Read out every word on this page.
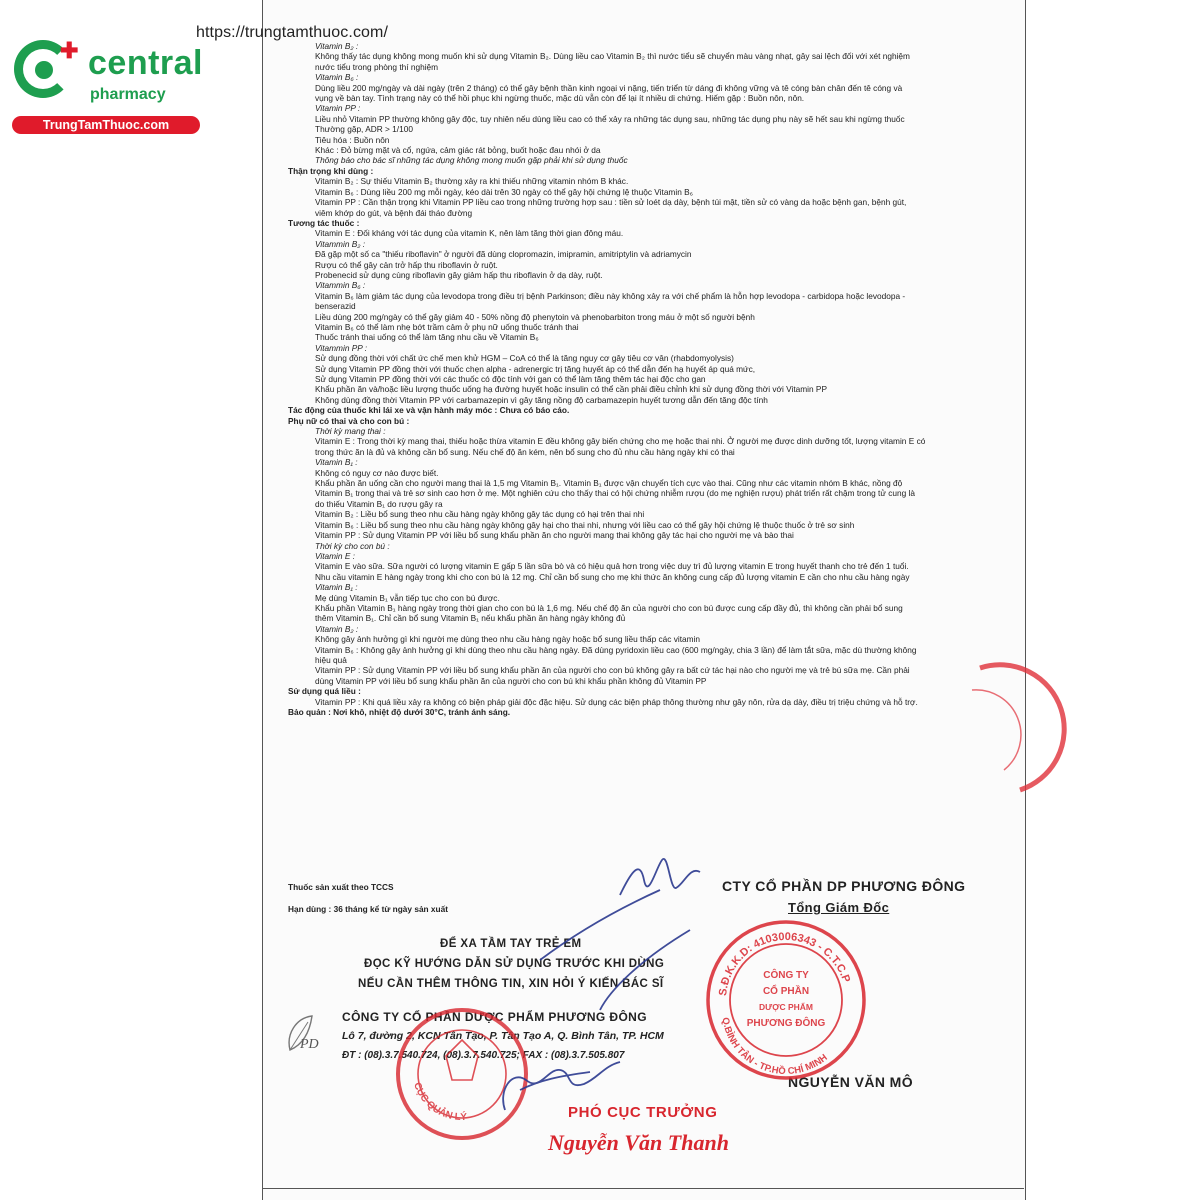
https://trungtamthuoc.com/
✚ central
pharmacy
TrungTamThuoc.com

Vitamin B₂ :

Không thấy tác dụng không mong muốn khi sử dụng Vitamin B₂. Dùng liều cao Vitamin B₂ thì nước tiểu sẽ chuyển màu vàng nhạt, gây sai lệch đối với xét nghiệm

nước tiểu trong phòng thí nghiệm

Vitamin B₆ :

Dùng liều 200 mg/ngày và dài ngày (trên 2 tháng) có thể gây bệnh thần kinh ngoại vi nặng, tiến triển từ dáng đi không vững và tê cóng bàn chân đến tê cóng và

vụng về bàn tay. Tình trạng này có thể hồi phục khi ngừng thuốc, mặc dù vẫn còn để lại ít nhiều di chứng. Hiếm gặp : Buồn nôn, nôn.

Vitamin PP :

Liều nhỏ Vitamin PP thường không gây độc, tuy nhiên nếu dùng liều cao có thể xảy ra những tác dụng sau, những tác dụng phụ này sẽ hết sau khi ngừng thuốc

Thường gặp, ADR > 1/100

Tiêu hóa : Buồn nôn

Khác : Đỏ bừng mặt và cổ, ngứa, cảm giác rát bỏng, buốt hoặc đau nhói ở da

Thông báo cho bác sĩ những tác dụng không mong muốn gặp phải khi sử dụng thuốc

Thận trọng khi dùng :

Vitamin B₂ : Sự thiếu Vitamin B₂ thường xảy ra khi thiếu những vitamin nhóm B khác.

Vitamin B₆ : Dùng liều 200 mg mỗi ngày, kéo dài trên 30 ngày có thể gây hội chứng lệ thuộc Vitamin B₆

Vitamin PP : Cần thận trọng khi Vitamin PP liều cao trong những trường hợp sau : tiền sử loét dạ dày, bệnh túi mật, tiền sử có vàng da hoặc bệnh gan, bệnh gút,

viêm khớp do gút, và bệnh đái tháo đường

Tương tác thuốc :

Vitamin E : Đối kháng với tác dụng của vitamin K, nên làm tăng thời gian đông máu.

Vitammin B₂ :

Đã gặp một số ca "thiếu riboflavin" ở người đã dùng clopromazin, imipramin, amitriptylin và adriamycin

Rượu có thể gây cản trở hấp thu riboflavin ở ruột.

Probenecid sử dụng cùng riboflavin gây giảm hấp thu riboflavin ở dạ dày, ruột.

Vitammin B₆ :

Vitamin B₆ làm giảm tác dụng của levodopa trong điều trị bệnh Parkinson; điều này không xảy ra với chế phẩm là hỗn hợp levodopa - carbidopa hoặc levodopa -

benserazid

Liều dùng 200 mg/ngày có thể gây giảm 40 - 50% nồng độ phenytoin và phenobarbiton trong máu ở một số người bệnh

Vitamin B₆ có thể làm nhẹ bớt trầm cảm ở phụ nữ uống thuốc tránh thai

Thuốc tránh thai uống có thể làm tăng nhu cầu về Vitamin B₆

Vitammin PP :

Sử dụng đồng thời với chất ức chế men khử HGM – CoA có thể là tăng nguy cơ gây tiêu cơ vân (rhabdomyolysis)

Sử dụng Vitamin PP đồng thời với thuốc chẹn alpha - adrenergic trị tăng huyết áp có thể dẫn đến hạ huyết áp quá mức,

Sử dụng Vitamin PP đồng thời với các thuốc có độc tính với gan có thể làm tăng thêm tác hại độc cho gan

Khẩu phần ăn và/hoặc liều lượng thuốc uống hạ đường huyết hoặc insulin có thể cần phải điều chỉnh khi sử dụng đồng thời với Vitamin PP

Không dùng đồng thời Vitamin PP với carbamazepin vì gây tăng nồng độ carbamazepin huyết tương dẫn đến tăng độc tính

Tác động của thuốc khi lái xe và vận hành máy móc : Chưa có báo cáo.

Phụ nữ có thai và cho con bú :

Thời kỳ mang thai :

Vitamin E : Trong thời kỳ mang thai, thiếu hoặc thừa vitamin E đều không gây biến chứng cho mẹ hoặc thai nhi. Ở người mẹ được dinh dưỡng tốt, lượng vitamin E có

trong thức ăn là đủ và không cần bổ sung. Nếu chế độ ăn kém, nên bổ sung cho đủ nhu cầu hàng ngày khi có thai

Vitamin B₁ :

Không có nguy cơ nào được biết.

Khẩu phần ăn uống cần cho người mang thai là 1,5 mg Vitamin B₁. Vitamin B₁ được vận chuyển tích cực vào thai. Cũng như các vitamin nhóm B khác, nồng độ

Vitamin B₁ trong thai và trẻ sơ sinh cao hơn ở mẹ. Một nghiên cứu cho thấy thai có hội chứng nhiễm rượu (do mẹ nghiện rượu) phát triển rất chậm trong tử cung là

do thiếu Vitamin B₁ do rượu gây ra

Vitamin B₂ : Liều bổ sung theo nhu cầu hàng ngày không gây tác dụng có hại trên thai nhi

Vitamin B₆ : Liều bổ sung theo nhu cầu hàng ngày không gây hại cho thai nhi, nhưng với liều cao có thể gây hội chứng lệ thuộc thuốc ở trẻ sơ sinh

Vitamin PP : Sử dụng Vitamin PP với liều bổ sung khẩu phần ăn cho người mang thai không gây tác hại cho người mẹ và bào thai

Thời kỳ cho con bú :

Vitamin E :

Vitamin E vào sữa. Sữa người có lượng vitamin E gấp 5 lần sữa bò và có hiệu quả hơn trong việc duy trì đủ lượng vitamin E trong huyết thanh cho trẻ đến 1 tuổi.

Nhu cầu vitamin E hàng ngày trong khi cho con bú là 12 mg. Chỉ cần bổ sung cho mẹ khi thức ăn không cung cấp đủ lượng vitamin E cần cho nhu cầu hàng ngày

Vitamin B₁ :

Mẹ dùng Vitamin B₁ vẫn tiếp tục cho con bú được.

Khẩu phần Vitamin B₁ hàng ngày trong thời gian cho con bú là 1,6 mg. Nếu chế độ ăn của người cho con bú được cung cấp đầy đủ, thì không cần phải bổ sung

thêm Vitamin B₁. Chỉ cần bổ sung Vitamin B₁ nếu khẩu phần ăn hàng ngày không đủ

Vitamin B₂ :

Không gây ảnh hưởng gì khi người mẹ dùng theo nhu cầu hàng ngày hoặc bổ sung liều thấp các vitamin

Vitamin B₆ : Không gây ảnh hưởng gì khi dùng theo nhu cầu hàng ngày. Đã dùng pyridoxin liều cao (600 mg/ngày, chia 3 lần) để làm tắt sữa, mặc dù thường không

hiệu quả

Vitamin PP : Sử dụng Vitamin PP với liều bổ sung khẩu phần ăn của người cho con bú không gây ra bất cứ tác hại nào cho người mẹ và trẻ bú sữa mẹ. Cần phải

dùng Vitamin PP với liều bổ sung khẩu phần ăn của người cho con bú khi khẩu phần không đủ Vitamin PP

Sử dụng quá liều :

Vitamin PP : Khi quá liều xảy ra không có biện pháp giải độc đặc hiệu. Sử dụng các biện pháp thông thường như gây nôn, rửa dạ dày, điều trị triệu chứng và hỗ trợ.

Bảo quản : Nơi khô, nhiệt độ dưới 30°C, tránh ánh sáng.

Thuốc sản xuất theo TCCS
Hạn dùng : 36 tháng kể từ ngày sản xuất
CTY CỔ PHẦN DP PHƯƠNG ĐÔNG
Tổng Giám Đốc
NGUYỄN VĂN MÔ
ĐỂ XA TẦM TAY TRẺ EM
ĐỌC KỸ HƯỚNG DẪN SỬ DỤNG TRƯỚC KHI DÙNG
NẾU CẦN THÊM THÔNG TIN, XIN HỎI Ý KIẾN BÁC SĨ
CÔNG TY CỔ PHẦN DƯỢC PHẨM PHƯƠNG ĐÔNG
Lô 7, đường 2, KCN Tân Tạo, P. Tân Tạo A, Q. Bình Tân, TP. HCM
ĐT : (08).3.7.540.724, (08).3.7.540.725; FAX : (08).3.7.505.807
PD
PHÓ CỤC TRƯỞNG
Nguyễn Văn Thanh
S.Đ.K.K.D: 4103006343 - C.T.C.P
Q.BÌNH TÂN - TP.HỒ CHÍ MINH
CÔNG TY
CỔ PHẦN
DƯỢC PHẨM
PHƯƠNG ĐÔNG
CỤC QUẢN LÝ
